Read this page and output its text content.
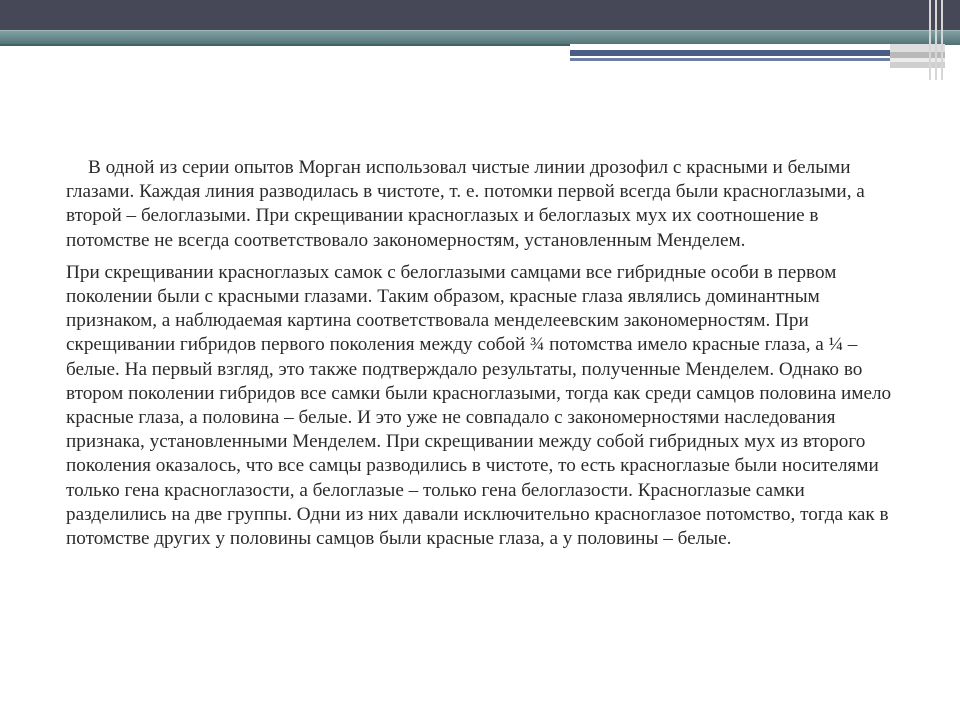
В одной из серии опытов Морган использовал чистые линии дрозофил с красными и белыми глазами. Каждая линия разводилась в чистоте, т. е. потомки первой всегда были красноглазыми, а второй – белоглазыми. При скрещивании красноглазых и белоглазых мух их соотношение в потомстве не всегда соответствовало закономерностям, установленным Менделем.

При скрещивании красноглазых самок с белоглазыми самцами все гибридные особи в первом поколении были с красными глазами. Таким образом, красные глаза являлись доминантным признаком, а наблюдаемая картина соответствовала менделеевским закономерностям. При скрещивании гибридов первого поколения между собой ¾ потомства имело красные глаза, а ¼ – белые. На первый взгляд, это также подтверждало результаты, полученные Менделем. Однако во втором поколении гибридов все самки были красноглазыми, тогда как среди самцов половина имело красные глаза, а половина – белые. И это уже не совпадало с закономерностями наследования признака, установленными Менделем. При скрещивании между собой гибридных мух из второго поколения оказалось, что все самцы разводились в чистоте, то есть красноглазые были носителями только гена красноглазости, а белоглазые – только гена белоглазости. Красноглазые самки разделились на две группы. Одни из них давали исключительно красноглазое потомство, тогда как в потомстве других у половины самцов были красные глаза, а у половины – белые.
